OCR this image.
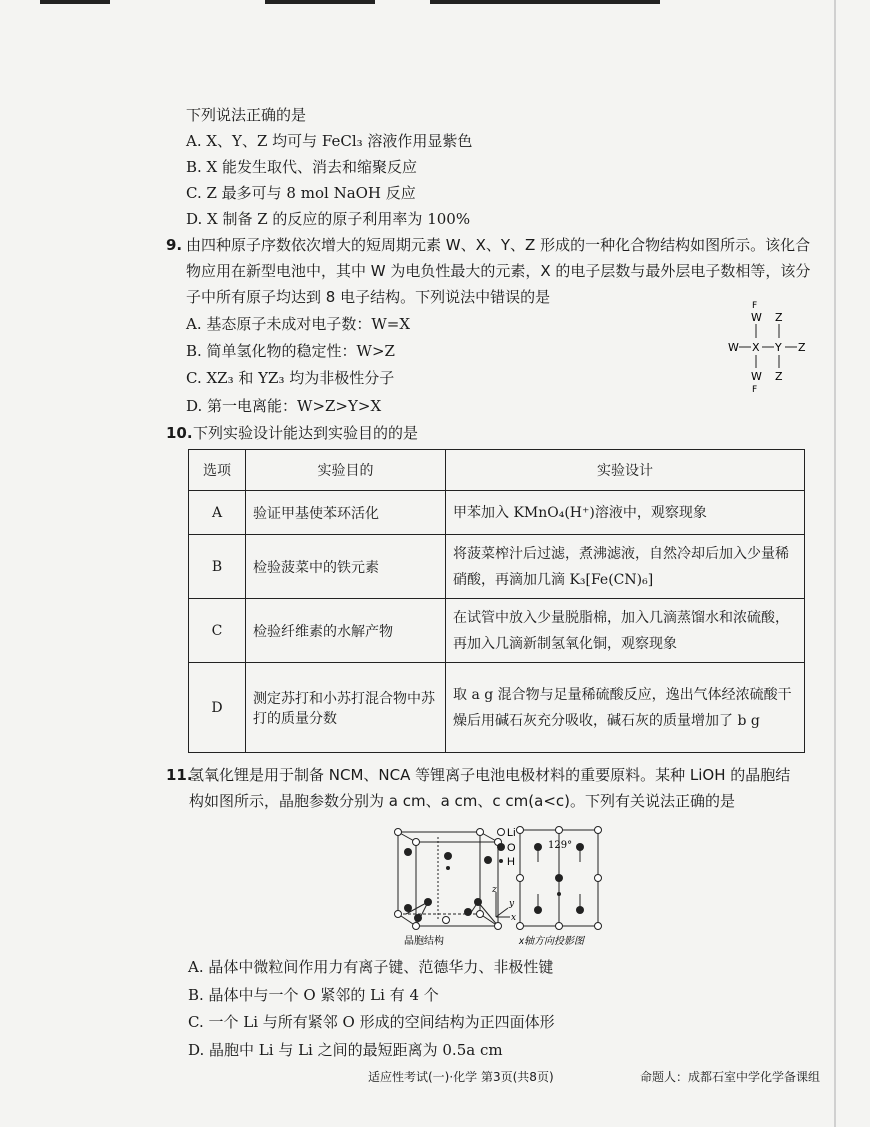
下列说法正确的是
A. X、Y、Z 均可与 FeCl₃ 溶液作用显紫色
B. X 能发生取代、消去和缩聚反应
C. Z 最多可与 8 mol NaOH 反应
D. X 制备 Z 的反应的原子利用率为 100%
9. 由四种原子序数依次增大的短周期元素 W、X、Y、Z 形成的一种化合物结构如图所示。该化合
物应用在新型电池中，其中 W 为电负性最大的元素，X 的电子层数与最外层电子数相等，该分
子中所有原子均达到 8 电子结构。下列说法中错误的是
A. 基态原子未成对电子数：W=X
B. 简单氢化物的稳定性：W>Z
C. XZ₃ 和 YZ₃ 均为非极性分子
D. 第一电离能：W>Z>Y>X
F
W Z
W X Y Z
W Z
F
10. 下列实验设计能达到实验目的的是
选项	实验目的	实验设计
A	验证甲基使苯环活化	甲苯加入 KMnO₄(H⁺)溶液中，观察现象
B	检验菠菜中的铁元素	将菠菜榨汁后过滤，煮沸滤液，自然冷却后加入少量稀硝酸，再滴加几滴 K₃[Fe(CN)₆]
C	检验纤维素的水解产物	在试管中放入少量脱脂棉，加入几滴蒸馏水和浓硫酸，再加入几滴新制氢氧化铜，观察现象
D	测定苏打和小苏打混合物中苏打的质量分数	取 a g 混合物与足量稀硫酸反应，逸出气体经浓硫酸干燥后用碱石灰充分吸收，碱石灰的质量增加了 b g
11.
氢氧化锂是用于制备 NCM、NCA 等锂离子电池电极材料的重要原料。某种 LiOH 的晶胞结
构如图所示，晶胞参数分别为 a cm、a cm、c cm(a<c)。下列有关说法正确的是
Li
O
H
z
y
x
129°
晶胞结构	x轴方向投影图
A. 晶体中微粒间作用力有离子键、范德华力、非极性键
B. 晶体中与一个 O 紧邻的 Li 有 4 个
C. 一个 Li 与所有紧邻 O 形成的空间结构为正四面体形
D. 晶胞中 Li 与 Li 之间的最短距离为 0.5a cm
适应性考试(一)·化学 第3页(共8页)	命题人：成都石室中学化学备课组
